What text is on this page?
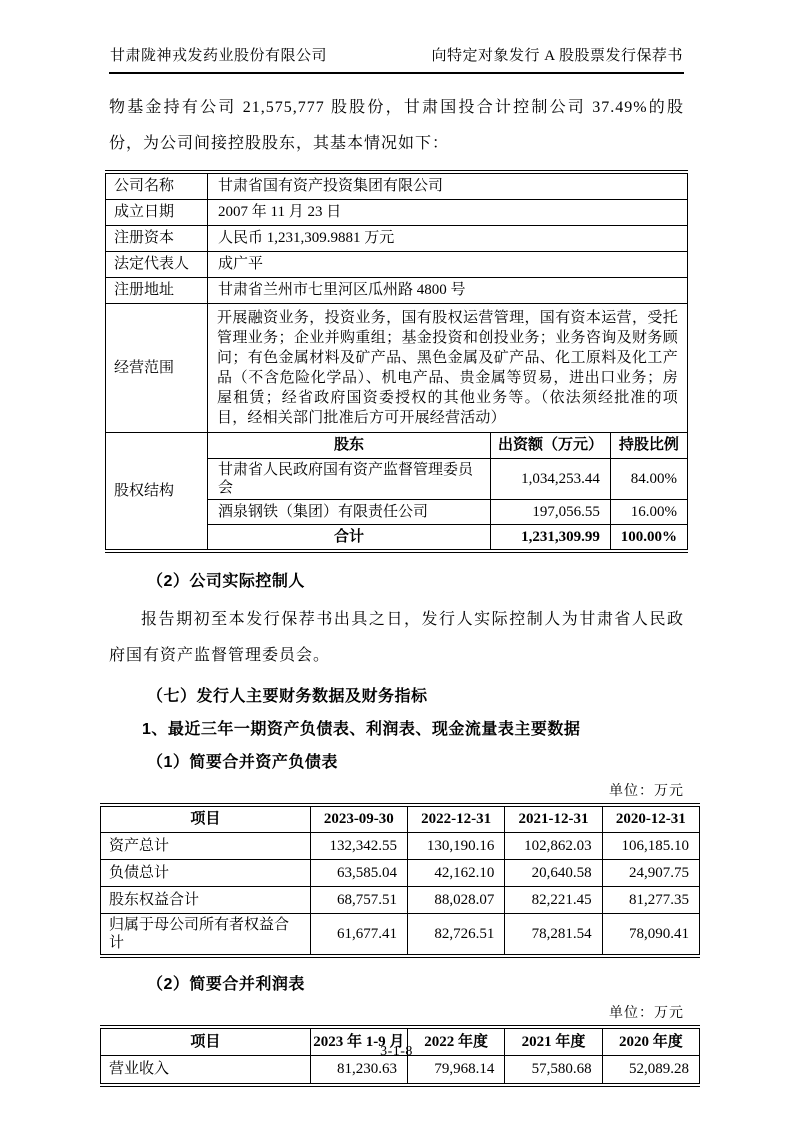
甘肃陇神戎发药业股份有限公司	向特定对象发行 A 股股票发行保荐书

物基金持有公司 21,575,777 股股份，甘肃国投合计控制公司 37.49%的股份，为公司间接控股股东，其基本情况如下：

公司名称	甘肃省国有资产投资集团有限公司
成立日期	2007 年 11 月 23 日
注册资本	人民币 1,231,309.9881 万元
法定代表人	成广平
注册地址	甘肃省兰州市七里河区瓜州路 4800 号
经营范围	开展融资业务，投资业务，国有股权运营管理，国有资本运营，受托管理业务；企业并购重组；基金投资和创投业务；业务咨询及财务顾问；有色金属材料及矿产品、黑色金属及矿产品、化工原料及化工产品（不含危险化学品）、机电产品、贵金属等贸易，进出口业务；房屋租赁；经省政府国资委授权的其他业务等。（依法须经批准的项目，经相关部门批准后方可开展经营活动）
股权结构	
股东	出资额（万元）	持股比例
甘肃省人民政府国有资产监督管理委员会	1,034,253.44	84.00%
酒泉钢铁（集团）有限责任公司	197,056.55	16.00%
合计	1,231,309.99	100.00%
（2）公司实际控制人

报告期初至本发行保荐书出具之日，发行人实际控制人为甘肃省人民政府国有资产监督管理委员会。

（七）发行人主要财务数据及财务指标
1、最近三年一期资产负债表、利润表、现金流量表主要数据
（1）简要合并资产负债表
单位：万元
项目	2023-09-30	2022-12-31	2021-12-31	2020-12-31
资产总计	132,342.55	130,190.16	102,862.03	106,185.10
负债总计	63,585.04	42,162.10	20,640.58	24,907.75
股东权益合计	68,757.51	88,028.07	82,221.45	81,277.35
归属于母公司所有者权益合计	61,677.41	82,726.51	78,281.54	78,090.41
（2）简要合并利润表
单位：万元
项目	2023 年 1-9 月	2022 年度	2021 年度	2020 年度
营业收入	81,230.63	79,968.14	57,580.68	52,089.28
3-1-8
